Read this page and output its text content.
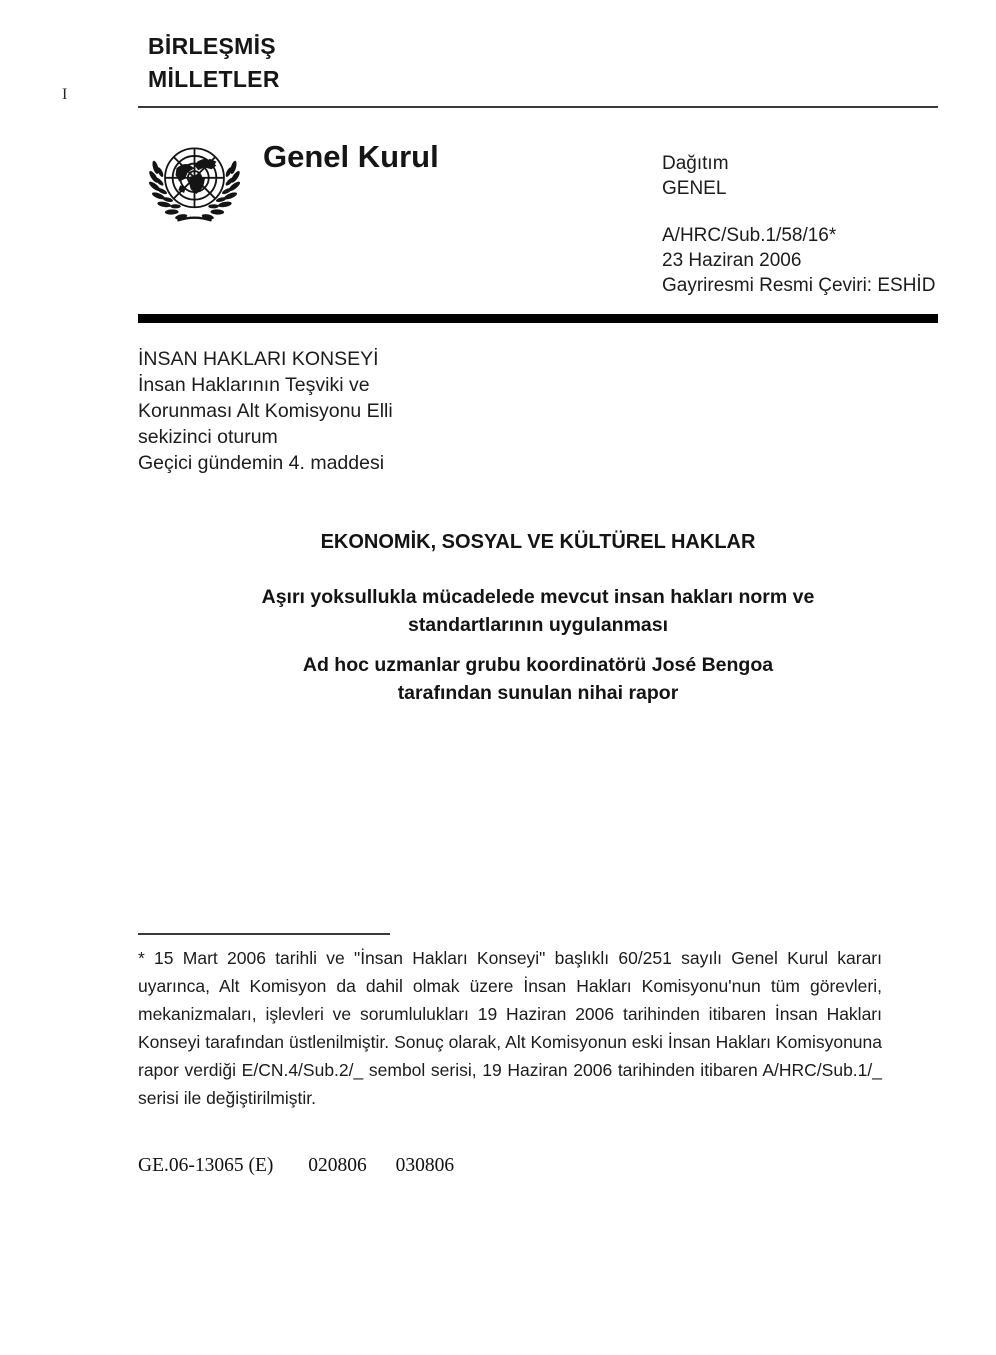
I
BİRLEŞMİŞ
MİLLETLER
Genel Kurul	Dağıtım
GENEL
A/HRC/Sub.1/58/16*
23 Haziran 2006
Gayriresmi Resmi Çeviri: ESHİD
İNSAN HAKLARI KONSEYİ
İnsan Haklarının Teşviki ve
Korunması Alt Komisyonu Elli
sekizinci oturum
Geçici gündemin 4. maddesi
EKONOMİK, SOSYAL VE KÜLTÜREL HAKLAR
Aşırı yoksullukla mücadelede mevcut insan hakları norm ve
standartlarının uygulanması
Ad hoc uzmanlar grubu koordinatörü José Bengoa
tarafından sunulan nihai rapor

* 15 Mart 2006 tarihli ve "İnsan Hakları Konseyi" başlıklı 60/251 sayılı Genel Kurul kararı uyarınca, Alt Komisyon da dahil olmak üzere İnsan Hakları Komisyonu'nun tüm görevleri, mekanizmaları, işlevleri ve sorumlulukları 19 Haziran 2006 tarihinden itibaren İnsan Hakları Konseyi tarafından üstlenilmiştir. Sonuç olarak, Alt Komisyonun eski İnsan Hakları Komisyonuna rapor verdiği E/CN.4/Sub.2/_ sembol serisi, 19 Haziran 2006 tarihinden itibaren A/HRC/Sub.1/_ serisi ile değiştirilmiştir.

GE.06-13065 (E) 020806 030806
